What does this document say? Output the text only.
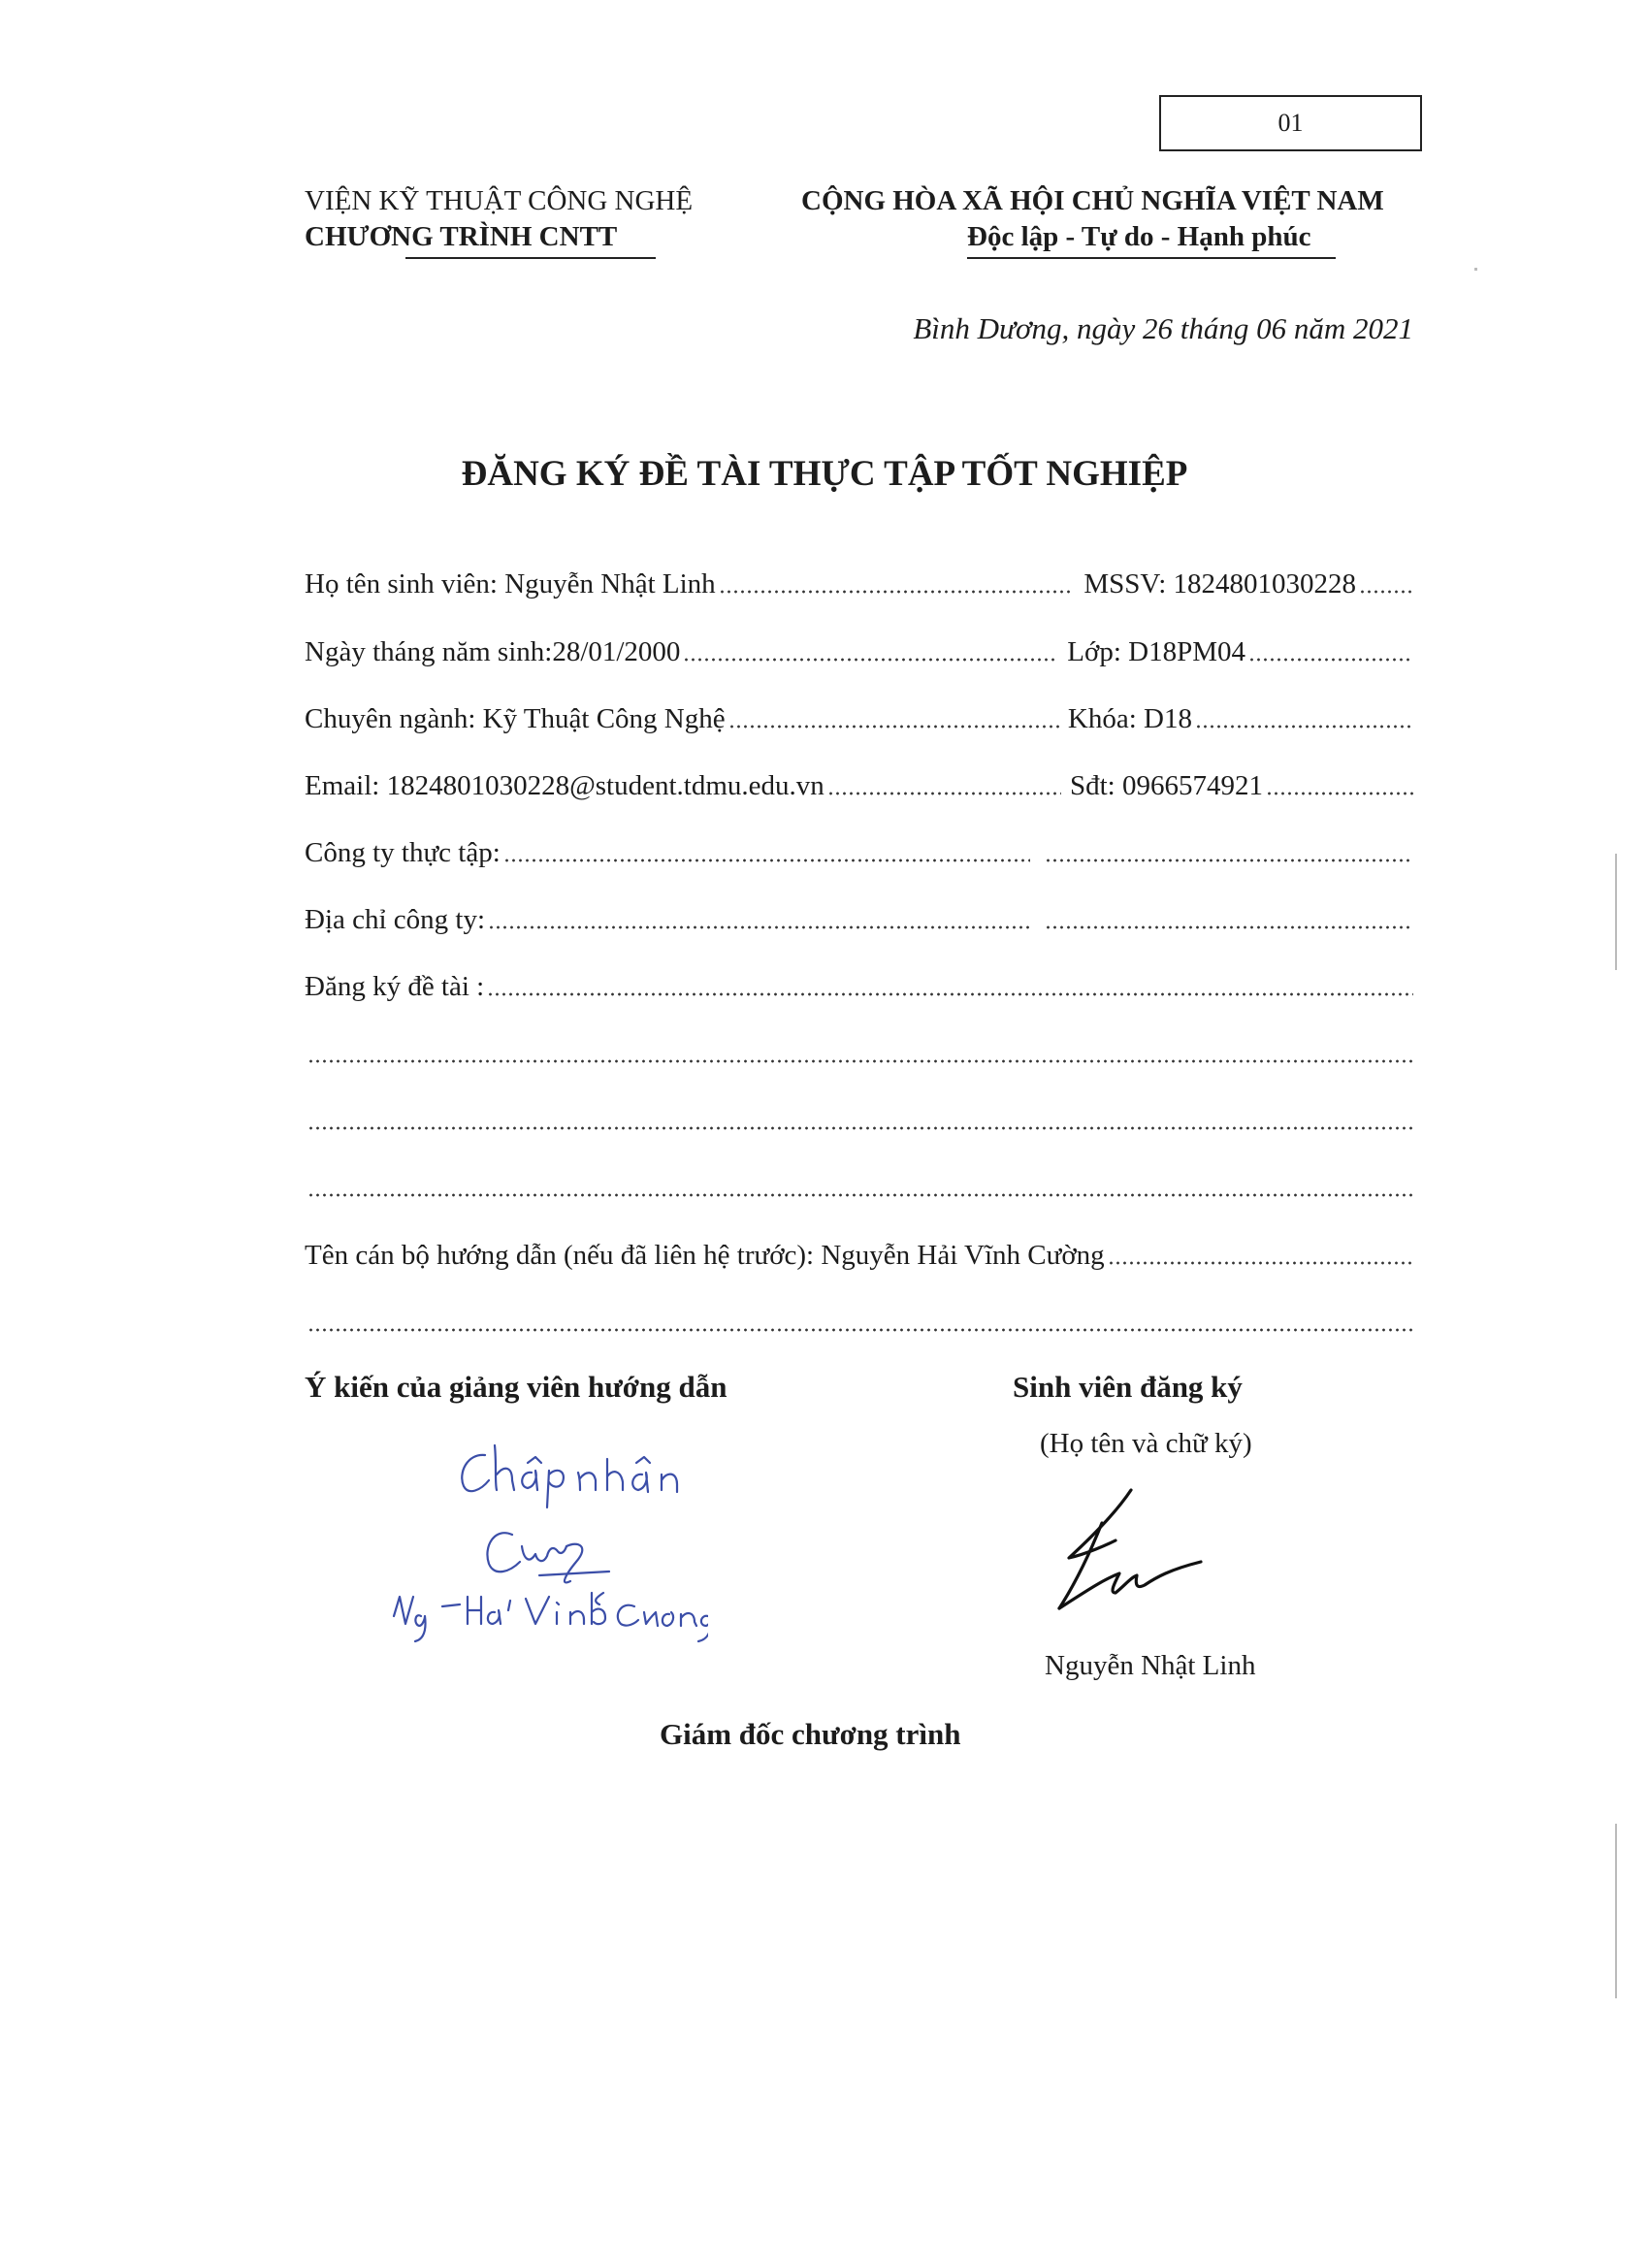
01
VIỆN KỸ THUẬT CÔNG NGHỆ
CHƯƠNG TRÌNH CNTT
CỘNG HÒA XÃ HỘI CHỦ NGHĨA VIỆT NAM
Độc lập - Tự do - Hạnh phúc
Bình Dương, ngày 26 tháng 06 năm 2021
ĐĂNG KÝ ĐỀ TÀI THỰC TẬP TỐT NGHIỆP
Họ tên sinh viên: Nguyễn Nhật Linh	MSSV: 1824801030228
Ngày tháng năm sinh:28/01/2000	Lớp: D18PM04
Chuyên ngành: Kỹ Thuật Công Nghệ	Khóa: D18
Email: 1824801030228@student.tdmu.edu.vn	Sđt: 0966574921
Công ty thực tập:
Địa chỉ công ty:
Đăng ký đề tài :
Tên cán bộ hướng dẫn (nếu đã liên hệ trước): Nguyễn Hải Vĩnh Cường
Ý kiến của giảng viên hướng dẫn	Sinh viên đăng ký
(Họ tên và chữ ký)
Nguyễn Nhật Linh
Giám đốc chương trình
